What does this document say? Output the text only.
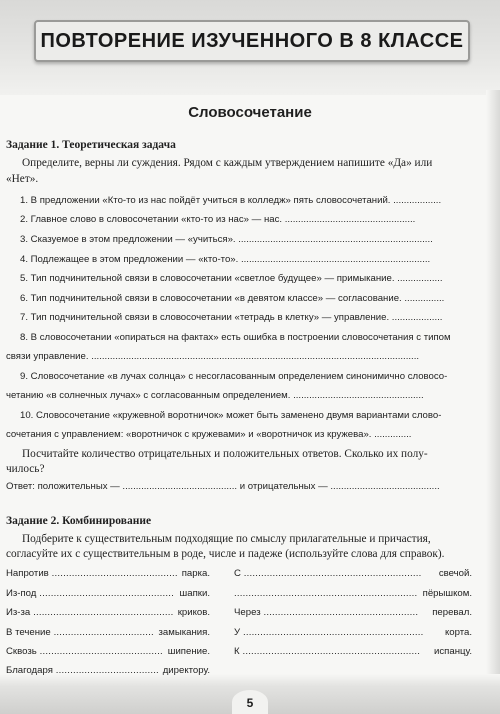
ПОВТОРЕНИЕ ИЗУЧЕННОГО В 8 КЛАССЕ
Словосочетание
Задание 1. Теоретическая задача
Определите, верны ли суждения. Рядом с каждым утверждением напишите «Да» или
«Нет».
1. В предложении «Кто-то из нас пойдёт учиться в колледж» пять словосочетаний. ..................
2. Главное слово в словосочетании «кто-то из нас» — нас. .................................................
3. Сказуемое в этом предложении — «учиться». .........................................................................
4. Подлежащее в этом предложении — «кто-то». .......................................................................
5. Тип подчинительной связи в словосочетании «светлое будущее» — примыкание. .................
6. Тип подчинительной связи в словосочетании «в девятом классе» — согласование. ...............
7. Тип подчинительной связи в словосочетании «тетрадь в клетку» — управление. ...................
8. В словосочетании «опираться на фактах» есть ошибка в построении словосочетания с типом
связи управление. ...........................................................................................................................
9. Словосочетание «в лучах солнца» с несогласованным определением синонимично словосо-
четанию «в солнечных лучах» с согласованным определением. .................................................
10. Словосочетание «кружевной воротничок» может быть заменено двумя вариантами слово-
сочетания с управлением: «воротничок с кружевами» и «воротничок из кружева». ..............
Посчитайте количество отрицательных и положительных ответов. Сколько их полу-
чилось?
Ответ: положительных — ........................................... и отрицательных — .........................................
Задание 2. Комбинирование
Подберите к существительным подходящие по смыслу прилагательные и причастия,
согласуйте их с существительным в роде, числе и падеже (используйте слова для справок).
Напротив ............................................ парка.
Из-под ............................................... шапки.
Из-за ................................................. криков.
В течение ................................... замыкания.
Сквозь ........................................... шипение.
Благодаря .................................... директору.
С .............................................................. свечой.
................................................................ пёрышком.
Через ...................................................... перевал.
У ............................................................... корта.
К .............................................................. испанцу.
5
